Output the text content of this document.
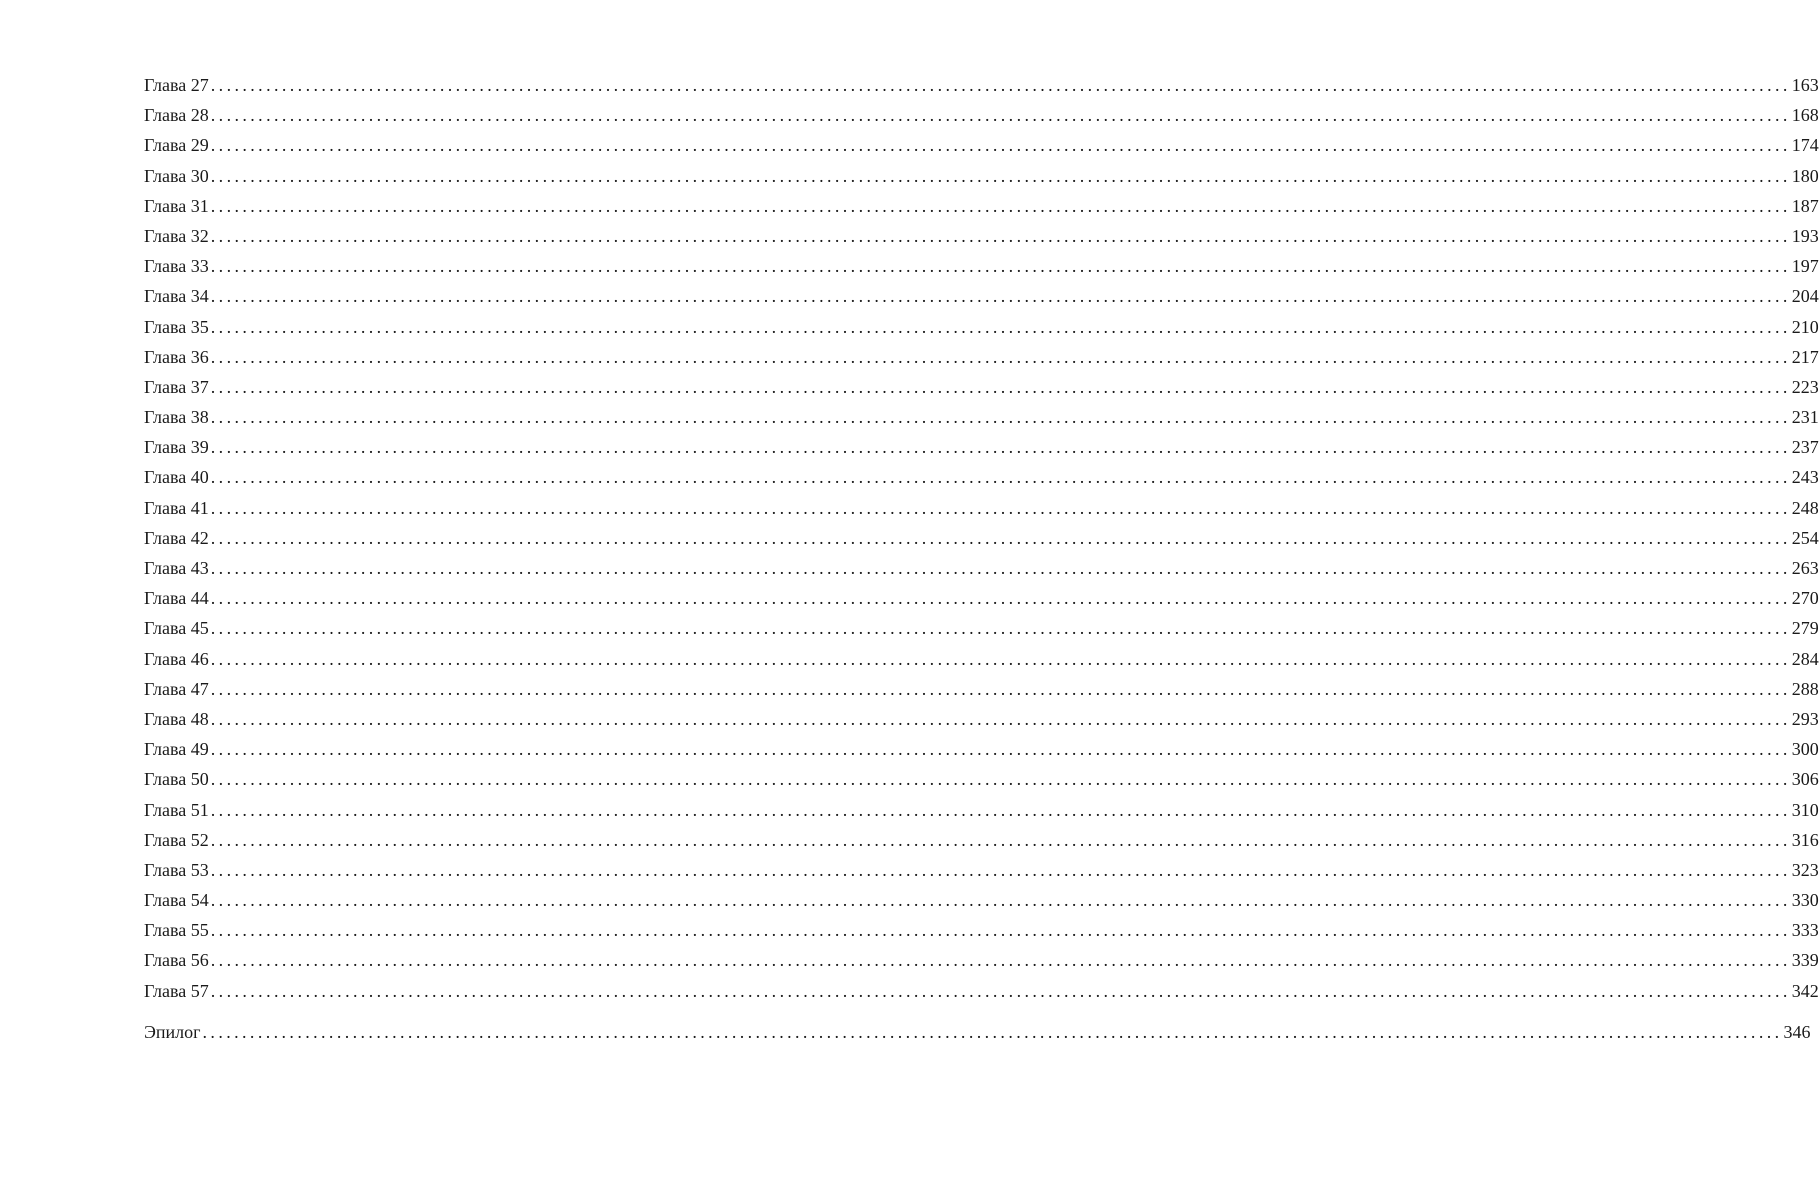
Глава 27 ........................................................................................................................................................................................................ 163
Глава 28 ........................................................................................................................................................................................................ 168
Глава 29 ........................................................................................................................................................................................................ 174
Глава 30 ........................................................................................................................................................................................................ 180
Глава 31 ........................................................................................................................................................................................................ 187
Глава 32 ........................................................................................................................................................................................................ 193
Глава 33 ........................................................................................................................................................................................................ 197
Глава 34 ........................................................................................................................................................................................................ 204
Глава 35 ........................................................................................................................................................................................................ 210
Глава 36 ........................................................................................................................................................................................................ 217
Глава 37 ........................................................................................................................................................................................................ 223
Глава 38 ........................................................................................................................................................................................................ 231
Глава 39 ........................................................................................................................................................................................................ 237
Глава 40 ........................................................................................................................................................................................................ 243
Глава 41 ........................................................................................................................................................................................................ 248
Глава 42 ........................................................................................................................................................................................................ 254
Глава 43 ........................................................................................................................................................................................................ 263
Глава 44 ........................................................................................................................................................................................................ 270
Глава 45 ........................................................................................................................................................................................................ 279
Глава 46 ........................................................................................................................................................................................................ 284
Глава 47 ........................................................................................................................................................................................................ 288
Глава 48 ........................................................................................................................................................................................................ 293
Глава 49 ........................................................................................................................................................................................................ 300
Глава 50 ........................................................................................................................................................................................................ 306
Глава 51 ........................................................................................................................................................................................................ 310
Глава 52 ........................................................................................................................................................................................................ 316
Глава 53 ........................................................................................................................................................................................................ 323
Глава 54 ........................................................................................................................................................................................................ 330
Глава 55 ........................................................................................................................................................................................................ 333
Глава 56 ........................................................................................................................................................................................................ 339
Глава 57 ........................................................................................................................................................................................................ 342
Эпилог ........................................................................................................................................................................................................ 346
